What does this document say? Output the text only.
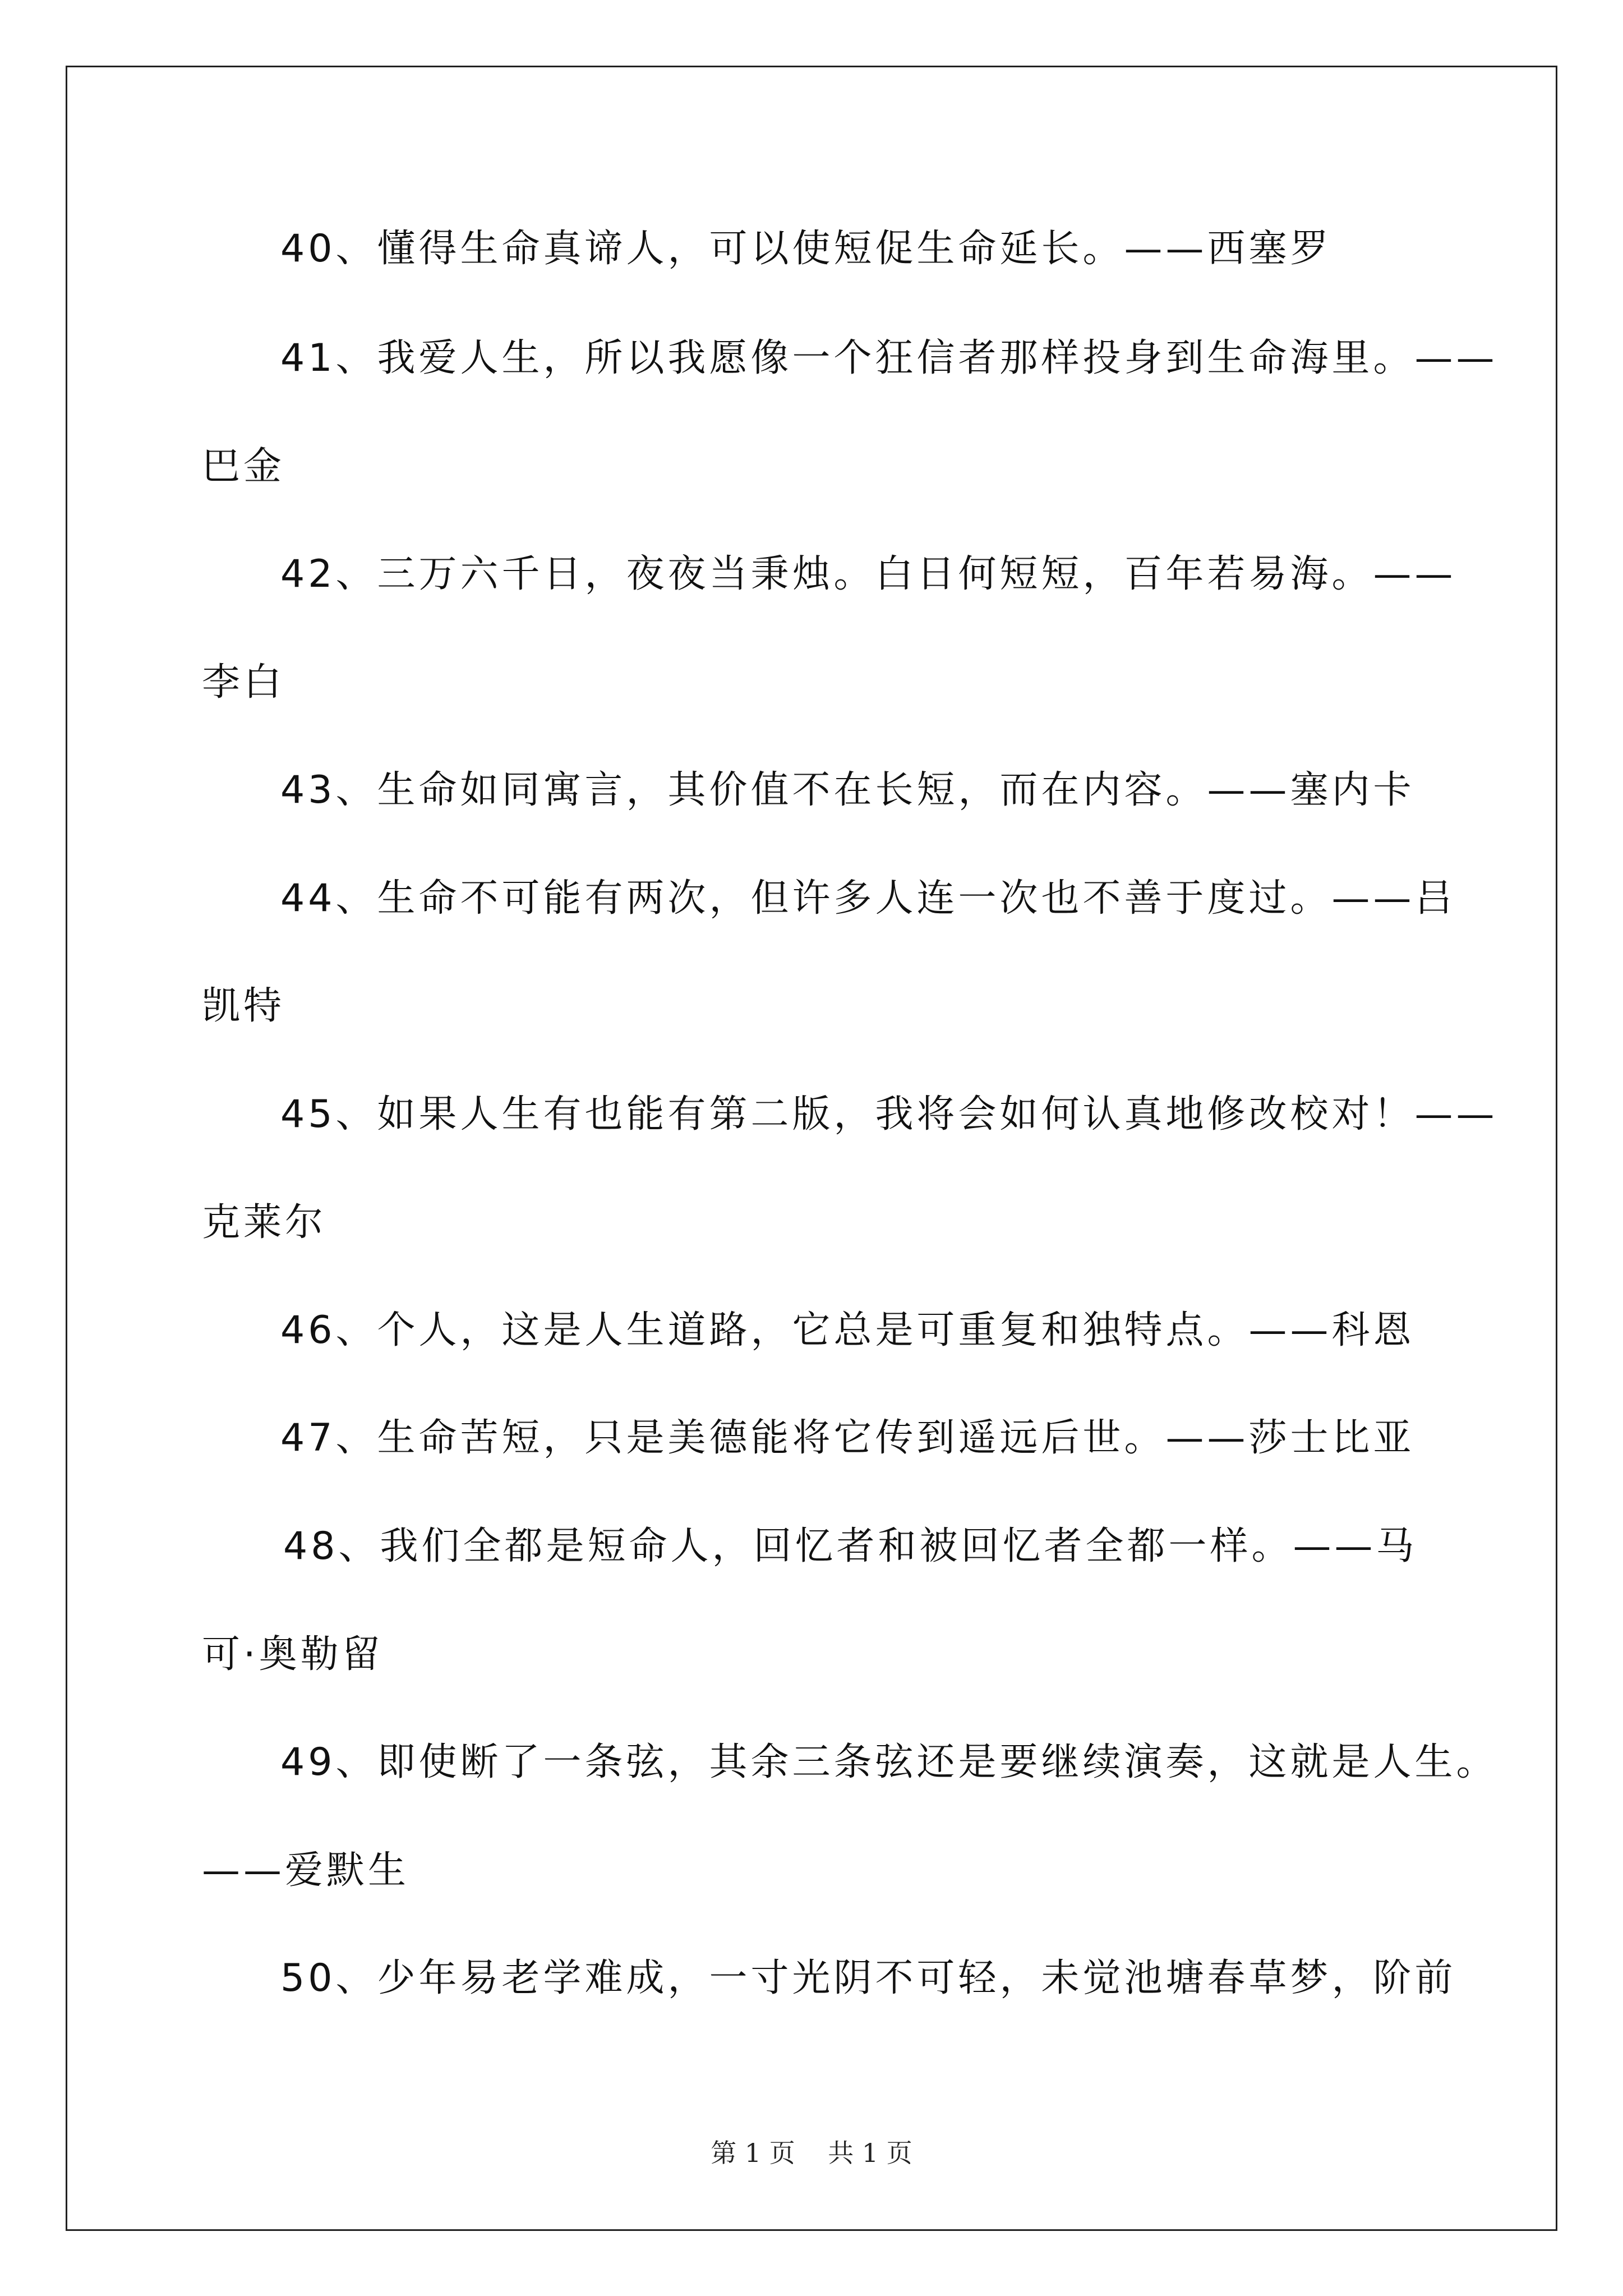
40、懂得生命真谛人，可以使短促生命延长。——西塞罗

41、我爱人生，所以我愿像一个狂信者那样投身到生命海里。——

巴金

42、三万六千日，夜夜当秉烛。白日何短短，百年若易海。——

李白

43、生命如同寓言，其价值不在长短，而在内容。——塞内卡

44、生命不可能有两次，但许多人连一次也不善于度过。——吕

凯特

45、如果人生有也能有第二版，我将会如何认真地修改校对！——

克莱尔

46、个人，这是人生道路，它总是可重复和独特点。——科恩

47、生命苦短，只是美德能将它传到遥远后世。——莎士比亚

48、我们全都是短命人，回忆者和被回忆者全都一样。——马

可·奥勒留

49、即使断了一条弦，其余三条弦还是要继续演奏，这就是人生。

——爱默生

50、少年易老学难成，一寸光阴不可轻，未觉池塘春草梦，阶前

第 1 页    共 1 页
